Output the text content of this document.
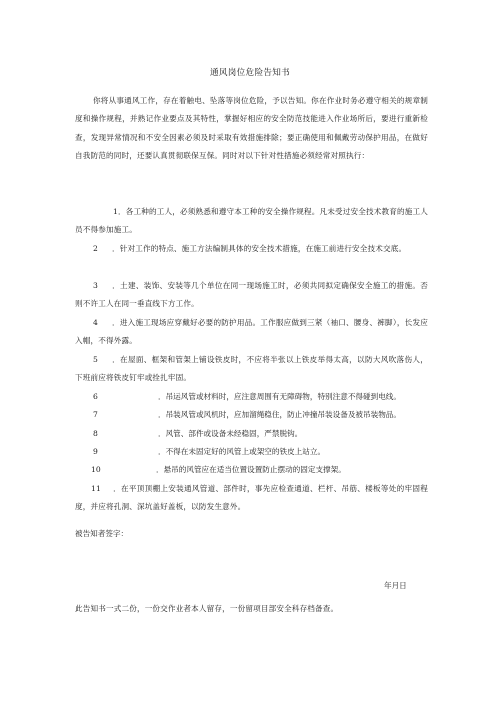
通风岗位危险告知书
你将从事通风工作，存在着触电、坠落等岗位危险，予以告知。你在作业时务必遵守相关的规章制度和操作规程，并熟记作业要点及其特性，掌握好相应的安全防范技能进入作业场所后，要进行重新检查，发现异常情况和不安全因素必须及时采取有效措施排除；要正确使用和佩戴劳动保护用品，在做好自我防范的同时，还要认真贯彻联保互保。同时对以下针对性措施必须经常对照执行：
1．各工种的工人，必须熟悉和遵守本工种的安全操作规程。凡未受过安全技术教育的施工人员不得参加施工。
2 ．针对工作的特点、施工方法编制具体的安全技术措施，在施工前进行安全技术交底。
3 ．土建、装饰、安装等几个单位在同一现场施工时，必须共同拟定确保安全施工的措施。否则不许工人在同一垂直线下方工作。
4 ．进入施工现场应穿戴好必要的防护用品。工作服应做到三紧（袖口、腰身、裤脚），长发应入帽，不得外露。
5 ．在屋面、框架和管架上铺设铁皮时，不应将半张以上铁皮举得太高，以防大风吹落伤人，下班前应将铁皮钉牢或拴扎牢固。
6	．吊运风管或材料时，应注意周围有无障碍物，特别注意不得碰到电线。
7	．吊装风管或风机时，应加溜绳稳住，防止冲撞吊装设备及被吊装物品。
8	．风管、部件或设备未经稳固，严禁脱钩。
9	．不得在未固定好的风管上或架空的铁皮上站立。
10	．悬吊的风管应在适当位置设置防止摆动的固定支撑架。
11 ．在平顶顶棚上安装通风管道、部件时，事先应检查通道、栏杆、吊筋、楼板等处的牢固程度，并应将孔洞、深坑盖好盖板，以防发生意外。
被告知者签字：
年月日
此告知书一式二份，一份交作业者本人留存，一份留项目部安全科存档备查。
